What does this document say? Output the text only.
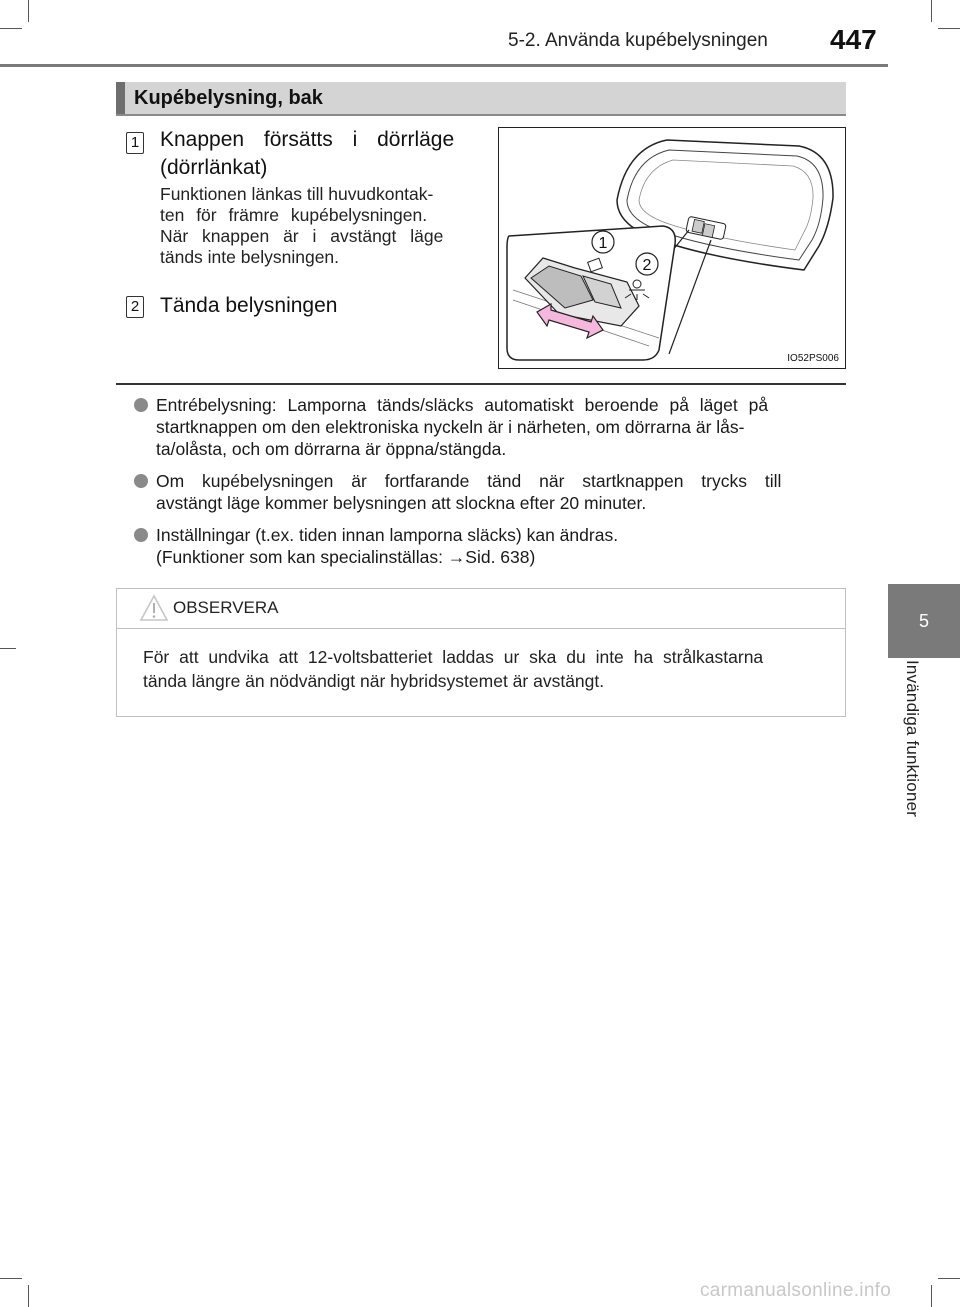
5-2. Använda kupébelysningen 447
5
Invändiga funktioner
Kupébelysning, bak
1 Knappen försätts i dörrläge
(dörrlänkat)
Funktionen länkas till huvudkontak-
ten för främre kupébelysningen.
När knappen är i avstängt läge
tänds inte belysningen.
2 Tända belysningen
1
2
IO52PS006
Entrébelysning: Lamporna tänds/släcks automatiskt beroende på läget på
startknappen om den elektroniska nyckeln är i närheten, om dörrarna är lås-
ta/olåsta, och om dörrarna är öppna/stängda.
Om kupébelysningen är fortfarande tänd när startknappen trycks till
avstängt läge kommer belysningen att slockna efter 20 minuter.
Inställningar (t.ex. tiden innan lamporna släcks) kan ändras.
(Funktioner som kan specialinställas: →Sid. 638)
OBSERVERA
För att undvika att 12-voltsbatteriet laddas ur ska du inte ha strålkastarna
tända längre än nödvändigt när hybridsystemet är avstängt.
carmanualsonline.info
